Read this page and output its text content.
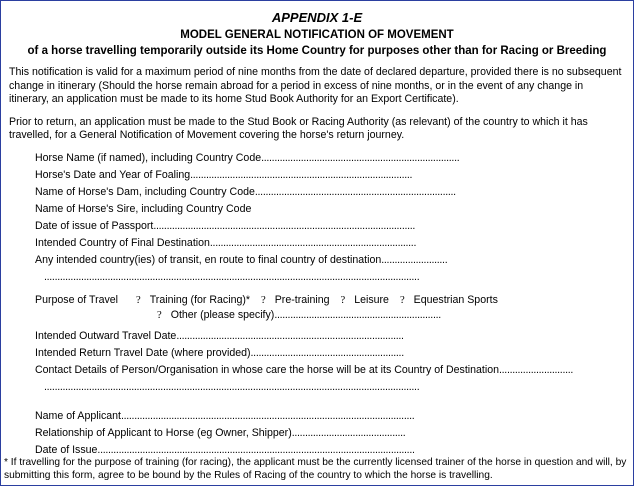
APPENDIX 1-E
MODEL GENERAL NOTIFICATION OF MOVEMENT
of a horse travelling temporarily outside its Home Country for purposes other than for Racing or Breeding
This notification is valid for a maximum period of nine months from the date of declared departure, provided there is no subsequent change in itinerary (Should the horse remain abroad for a period in excess of nine months, or in the event of any change in itinerary, an application must be made to its home Stud Book Authority for an Export Certificate).
Prior to return, an application must be made to the Stud Book or Racing Authority (as relevant) of the country to which it has travelled, for a General Notification of Movement covering the horse's return journey.
Horse Name (if named), including Country Code...........................................................................
Horse's Date and Year of Foaling....................................................................................
Name of Horse's Dam, including Country Code............................................................................
Name of Horse's Sire, including Country Code
Date of issue of Passport...................................................................................................
Intended Country of Final Destination..............................................................................
Any intended country(ies) of transit, en route to final country of destination.........................
..............................................................................................................................................
Purpose of Travel ? Training (for Racing)* ? Pre-training ? Leisure ? Equestrian Sports
? Other (please specify)...............................................................
Intended Outward Travel Date......................................................................................
Intended Return Travel Date (where provided)..........................................................
Contact Details of Person/Organisation in whose care the horse will be at its Country of Destination............................
..............................................................................................................................................
Name of Applicant...............................................................................................................
Relationship of Applicant to Horse (eg Owner, Shipper)...........................................
Date of Issue........................................................................................................................
* If travelling for the purpose of training (for racing), the applicant must be the currently licensed trainer of the horse in question and will, by submitting this form, agree to be bound by the Rules of Racing of the country to which the horse is travelling.
